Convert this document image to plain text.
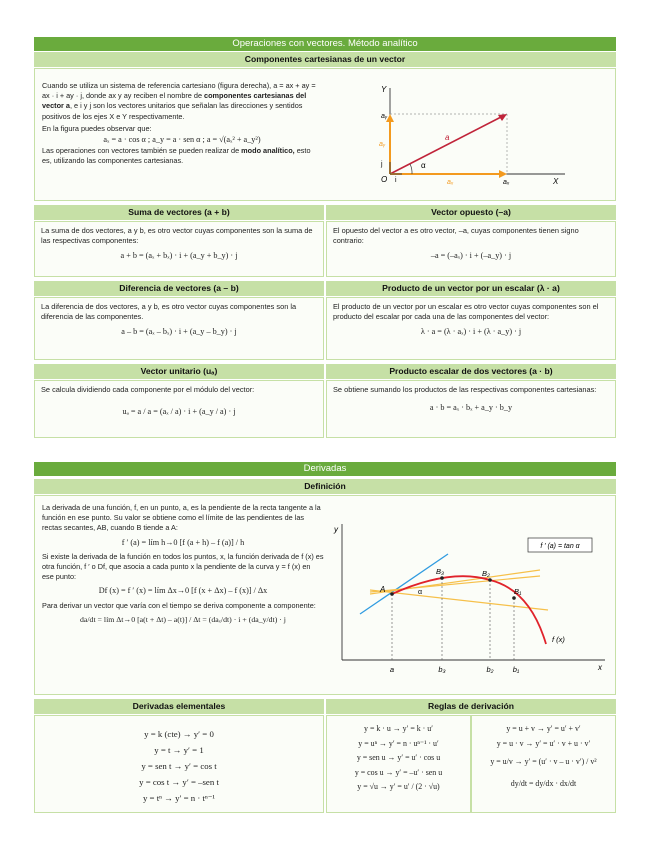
Operaciones con vectores. Método analítico
Componentes cartesianas de un vector
Cuando se utiliza un sistema de referencia cartesiano (figura derecha), a = ax + ay = ax · i + ay · j, donde ax y ay reciben el nombre de componentes cartesianas del vector a, e i y j son los vectores unitarios que señalan las direcciones y sentidos positivos de los ejes X e Y respectivamente.
En la figura puedes observar que:
aₓ = a · cos α ; a_y = a · sen α ; a = √(aₓ² + a_y²)
Las operaciones con vectores también se pueden realizar de modo analítico, esto es, utilizando las componentes cartesianas.
Y
X
O
aᵧ
aₓ
aᵧ
aₓ
a
α
j
i
Suma de vectores (a + b)	Vector opuesto (–a)
La suma de dos vectores, a y b, es otro vector cuyas componentes son la suma de las respectivas componentes:
a + b = (aₓ + bₓ) · i + (a_y + b_y) · j
El opuesto del vector a es otro vector, –a, cuyas componentes tienen signo contrario:
–a = (–aₓ) · i + (–a_y) · j
Diferencia de vectores (a – b)	Producto de un vector por un escalar (λ · a)
La diferencia de dos vectores, a y b, es otro vector cuyas componentes son la diferencia de las componentes.
a – b = (aₓ – bₓ) · i + (a_y – b_y) · j
El producto de un vector por un escalar es otro vector cuyas componentes son el producto del escalar por cada una de las componentes del vector:
λ · a = (λ · aₓ) · i + (λ · a_y) · j
Vector unitario (uₐ)	Producto escalar de dos vectores (a · b)
Se calcula dividiendo cada componente por el módulo del vector:
uₐ = a / a = (aₓ / a) · i + (a_y / a) · j
Se obtiene sumando los productos de las respectivas componentes cartesianas:
a · b = aₓ · bₓ + a_y · b_y
Derivadas
Definición
La derivada de una función, f, en un punto, a, es la pendiente de la recta tangente a la función en ese punto. Su valor se obtiene como el límite de las pendientes de las rectas secantes, AB, cuando B tiende a A:
f ′ (a) = lím h→0 [f (a + h) – f (a)] / h
Si existe la derivada de la función en todos los puntos, x, la función derivada de f (x) es otra función, f ′ o Df, que asocia a cada punto x la pendiente de la curva y = f (x) en ese punto:
Df (x) = f ′ (x) = lím Δx→0 [f (x + Δx) – f (x)] / Δx
Para derivar un vector que varía con el tiempo se deriva componente a componente:
da/dt = lím Δt→0 [a(t + Δt) – a(t)] / Δt = (daₓ/dt) · i + (da_y/dt) · j
y
x
f ′ (a) = tan α
A
B₃	B₂
B₁
α
f (x)
a	b₃	b₂	b₁
Derivadas elementales	Reglas de derivación
y = k (cte) → y′ = 0
y = t → y′ = 1
y = sen t → y′ = cos t
y = cos t → y′ = –sen t
y = tⁿ → y′ = n · tⁿ⁻¹
y = k · u → y′ = k · u′
y = uⁿ → y′ = n · uⁿ⁻¹ · u′
y = sen u → y′ = u′ · cos u
y = cos u → y′ = –u′ · sen u
y = √u → y′ = u′ / (2 · √u)
y = u + v → y′ = u′ + v′
y = u · v → y′ = u′ · v + u · v′
y = u/v → y′ = (u′ · v – u · v′) / v²
dy/dt = dy/dx · dx/dt
